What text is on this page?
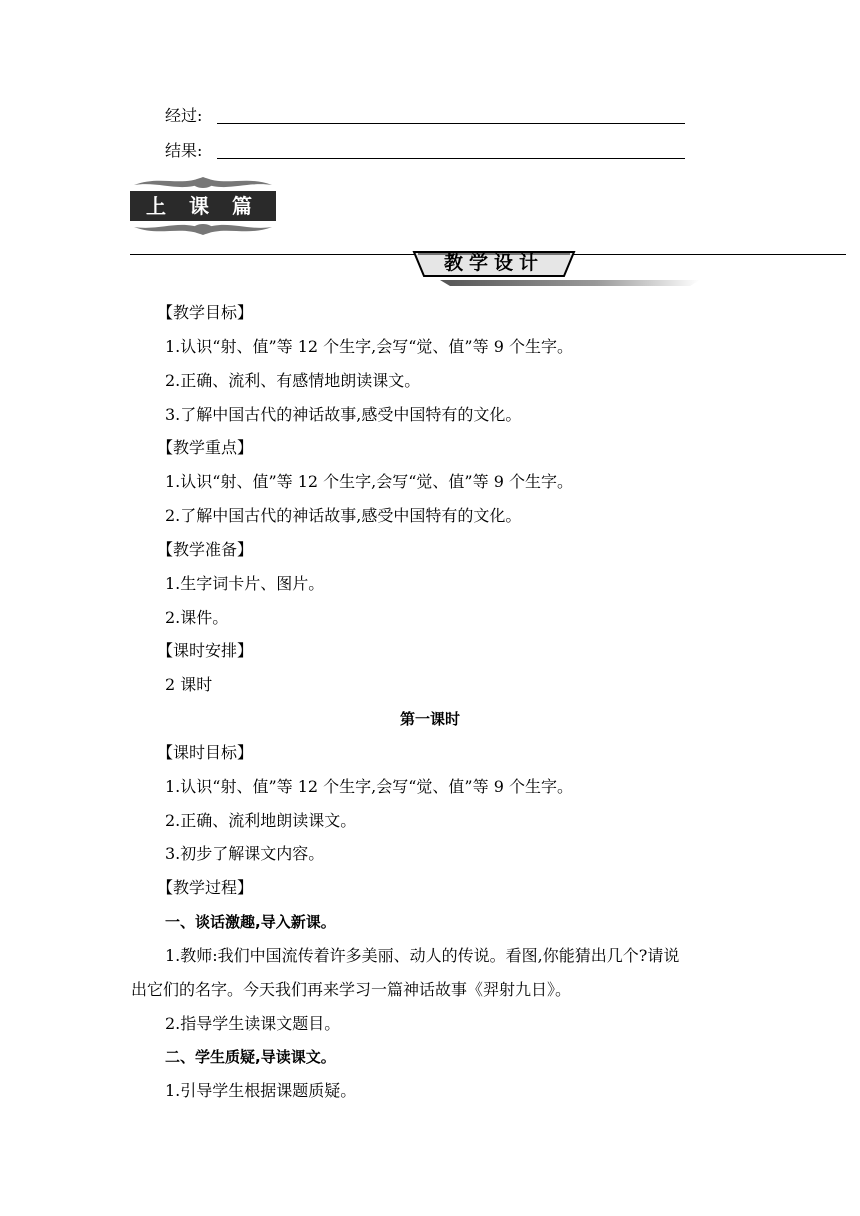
经过:
结果:
上 课 篇
教学设计
【教学目标】
1.认识“射、值”等 12 个生字,会写“觉、值”等 9 个生字。
2.正确、流利、有感情地朗读课文。
3.了解中国古代的神话故事,感受中国特有的文化。
【教学重点】
1.认识“射、值”等 12 个生字,会写“觉、值”等 9 个生字。
2.了解中国古代的神话故事,感受中国特有的文化。
【教学准备】
1.生字词卡片、图片。
2.课件。
【课时安排】
2 课时
第一课时
【课时目标】
1.认识“射、值”等 12 个生字,会写“觉、值”等 9 个生字。
2.正确、流利地朗读课文。
3.初步了解课文内容。
【教学过程】
一、谈话激趣,导入新课。
1.教师:我们中国流传着许多美丽、动人的传说。看图,你能猜出几个?请说
出它们的名字。今天我们再来学习一篇神话故事《羿射九日》。
2.指导学生读课文题目。
二、学生质疑,导读课文。
1.引导学生根据课题质疑。
